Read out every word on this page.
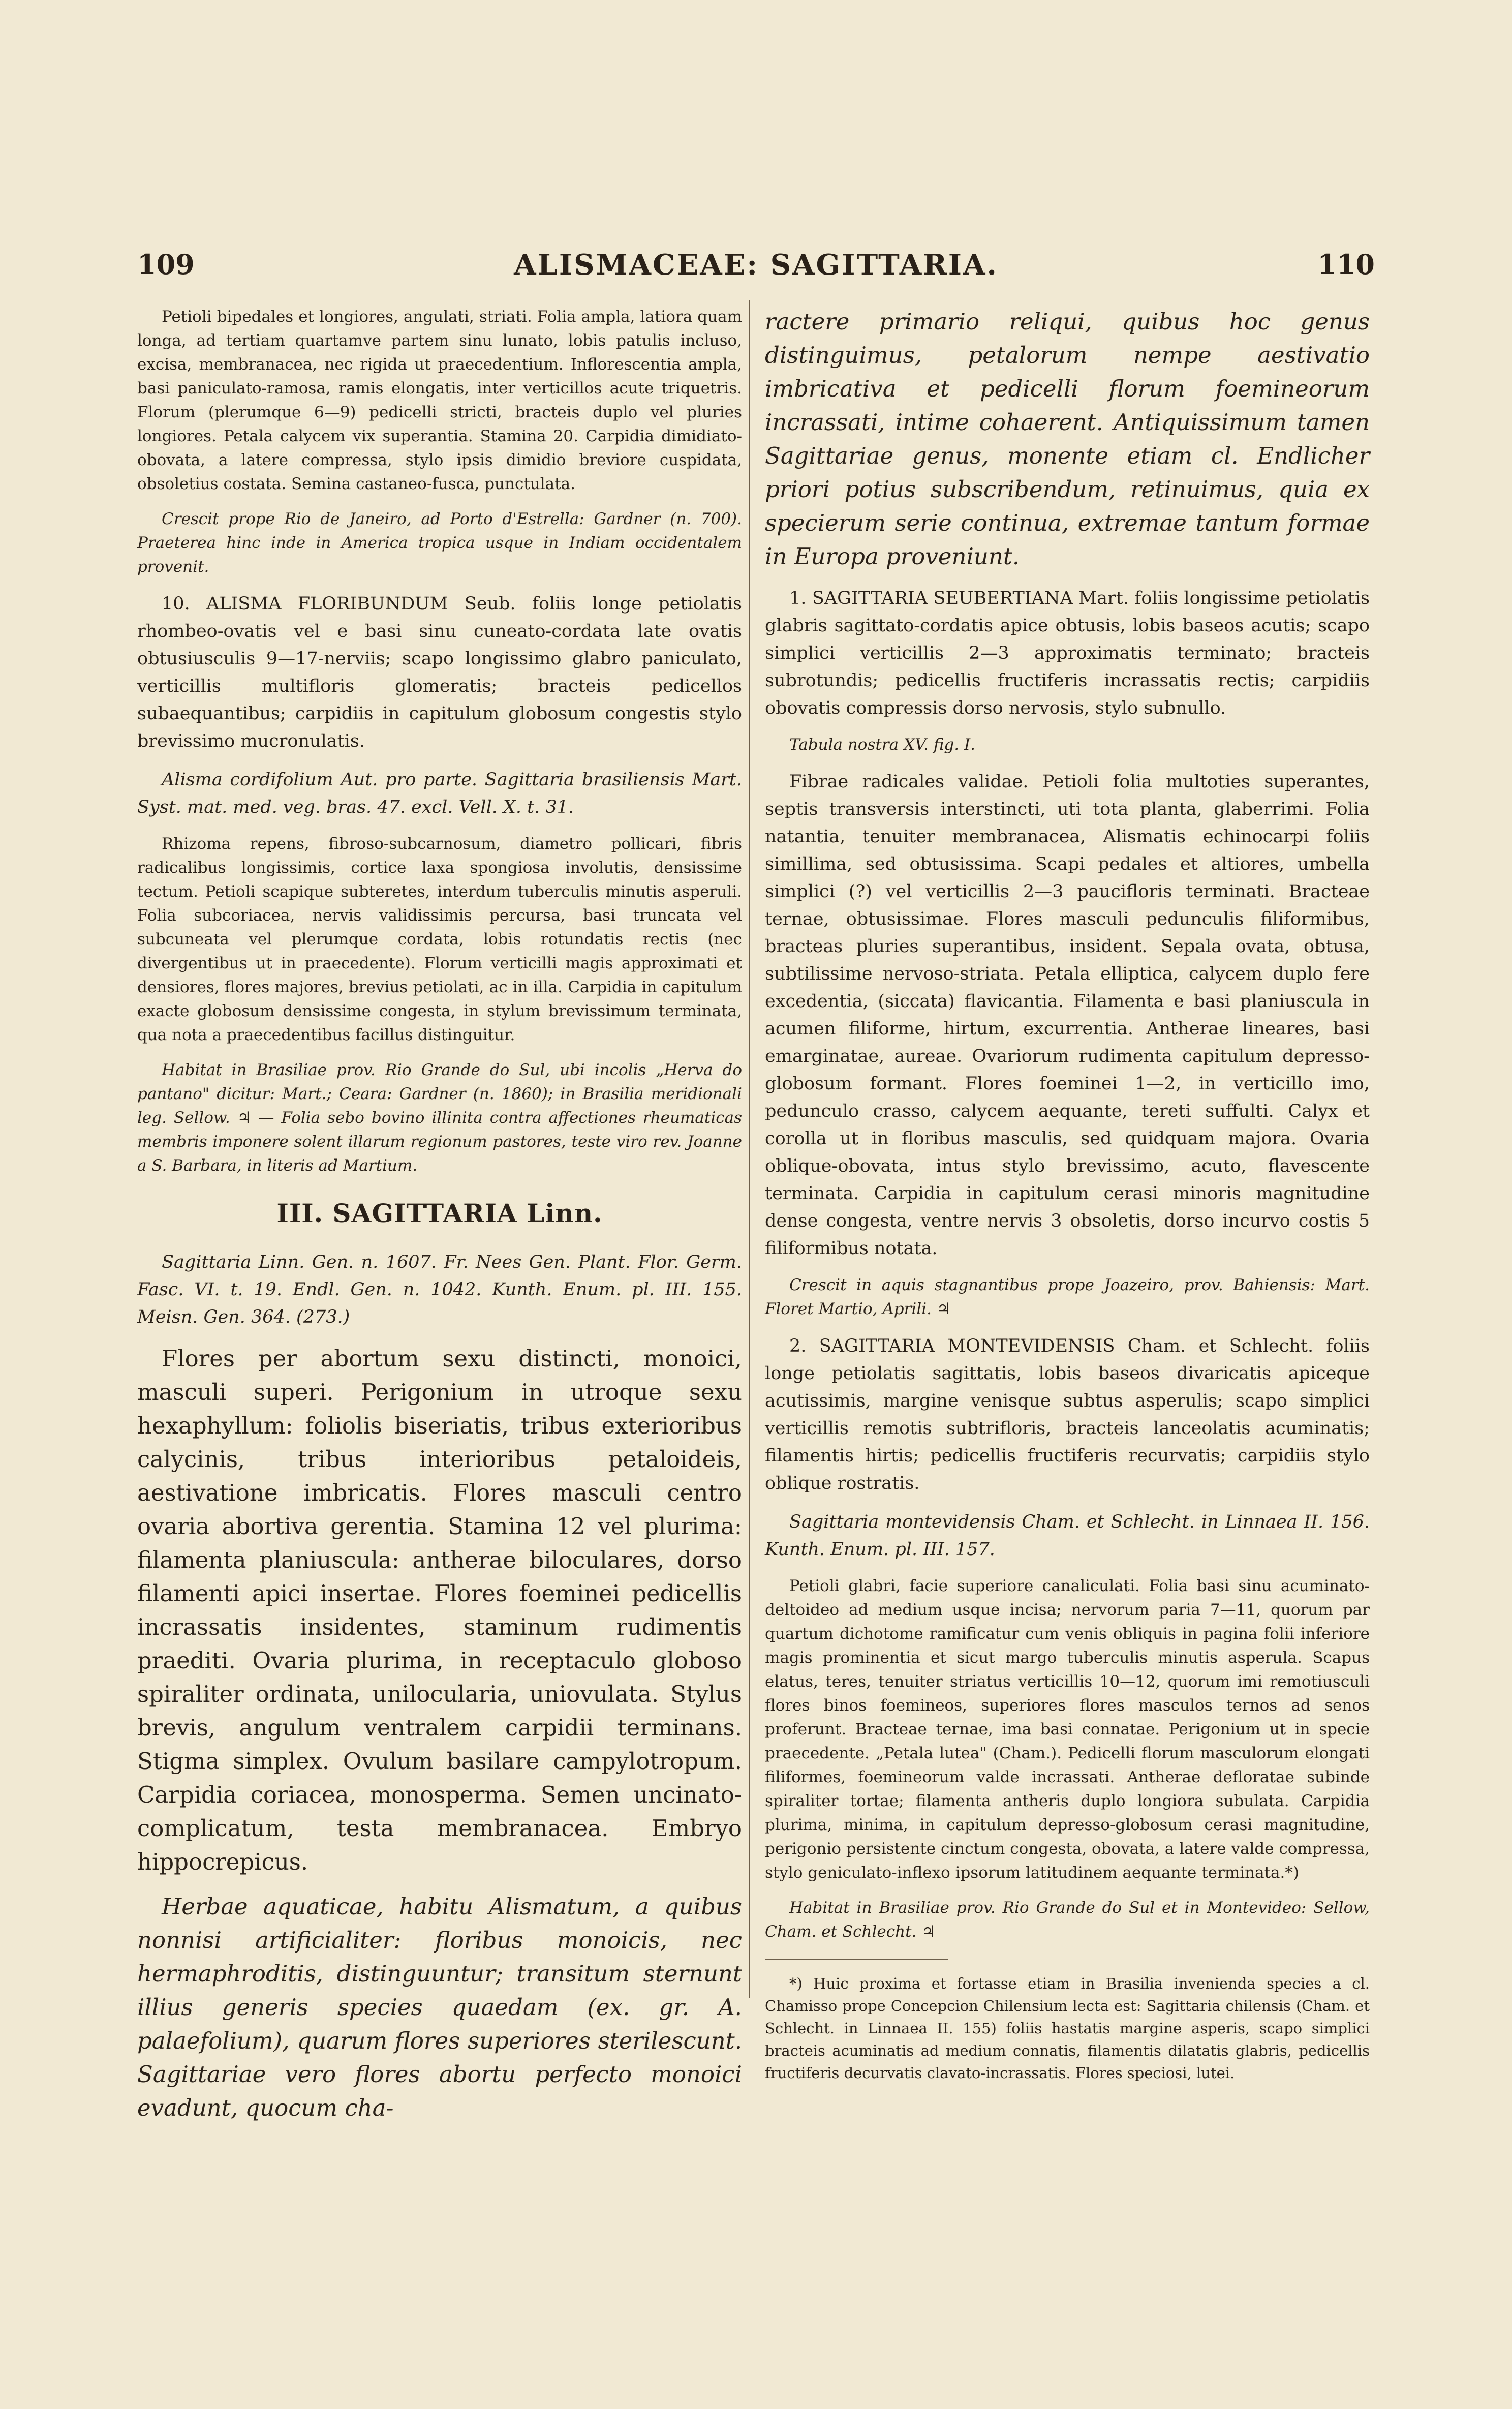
109	ALISMACEAE: SAGITTARIA.	110

Petioli bipedales et longiores, angulati, striati. Folia ampla, latiora quam longa, ad tertiam quartamve partem sinu lunato, lobis patulis incluso, excisa, membranacea, nec rigida ut praecedentium. Inflorescentia ampla, basi paniculato-ramosa, ramis elongatis, inter verticillos acute triquetris. Florum (plerumque 6—9) pedicelli stricti, bracteis duplo vel pluries longiores. Petala calycem vix superantia. Stamina 20. Carpidia dimidiato-obovata, a latere compressa, stylo ipsis dimidio breviore cuspidata, obsoletius costata. Semina castaneo-fusca, punctulata.

Crescit prope Rio de Janeiro, ad Porto d'Estrella: Gardner (n. 700). Praeterea hinc inde in America tropica usque in Indiam occidentalem provenit.

10. ALISMA FLORIBUNDUM Seub. foliis longe petiolatis rhombeo-ovatis vel e basi sinu cuneato-cordata late ovatis obtusiusculis 9—17-nerviis; scapo longissimo glabro paniculato, verticillis multifloris glomeratis; bracteis pedicellos subaequantibus; carpidiis in capitulum globosum congestis stylo brevissimo mucronulatis.

Alisma cordifolium Aut. pro parte. Sagittaria brasiliensis Mart. Syst. mat. med. veg. bras. 47. excl. Vell. X. t. 31.

Rhizoma repens, fibroso-subcarnosum, diametro pollicari, fibris radicalibus longissimis, cortice laxa spongiosa involutis, densissime tectum. Petioli scapique subteretes, interdum tuberculis minutis asperuli. Folia subcoriacea, nervis validissimis percursa, basi truncata vel subcuneata vel plerumque cordata, lobis rotundatis rectis (nec divergentibus ut in praecedente). Florum verticilli magis approximati et densiores, flores majores, brevius petiolati, ac in illa. Carpidia in capitulum exacte globosum densissime congesta, in stylum brevissimum terminata, qua nota a praecedentibus facillus distinguitur.

Habitat in Brasiliae prov. Rio Grande do Sul, ubi incolis „Herva do pantano" dicitur: Mart.; Ceara: Gardner (n. 1860); in Brasilia meridionali leg. Sellow. ♃ — Folia sebo bovino illinita contra affectiones rheumaticas membris imponere solent illarum regionum pastores, teste viro rev. Joanne a S. Barbara, in literis ad Martium.

III. SAGITTARIA Linn.

Sagittaria Linn. Gen. n. 1607. Fr. Nees Gen. Plant. Flor. Germ. Fasc. VI. t. 19. Endl. Gen. n. 1042. Kunth. Enum. pl. III. 155. Meisn. Gen. 364. (273.)

Flores per abortum sexu distincti, monoici, masculi superi. Perigonium in utroque sexu hexaphyllum: foliolis biseriatis, tribus exterioribus calycinis, tribus interioribus petaloideis, aestivatione imbricatis. Flores masculi centro ovaria abortiva gerentia. Stamina 12 vel plurima: filamenta planiuscula: antherae biloculares, dorso filamenti apici insertae. Flores foeminei pedicellis incrassatis insidentes, staminum rudimentis praediti. Ovaria plurima, in receptaculo globoso spiraliter ordinata, unilocularia, uniovulata. Stylus brevis, angulum ventralem carpidii terminans. Stigma simplex. Ovulum basilare campylotropum. Carpidia coriacea, monosperma. Semen uncinato-complicatum, testa membranacea. Embryo hippocrepicus.

Herbae aquaticae, habitu Alismatum, a quibus nonnisi artificialiter: floribus monoicis, nec hermaphroditis, distinguuntur; transitum sternunt illius generis species quaedam (ex. gr. A. palaefolium), quarum flores superiores sterilescunt. Sagittariae vero flores abortu perfecto monoici evadunt, quocum cha-

ractere primario reliqui, quibus hoc genus distinguimus, petalorum nempe aestivatio imbricativa et pedicelli florum foemineorum incrassati, intime cohaerent. Antiquissimum tamen Sagittariae genus, monente etiam cl. Endlicher priori potius subscribendum, retinuimus, quia ex specierum serie continua, extremae tantum formae in Europa proveniunt.

1. SAGITTARIA SEUBERTIANA Mart. foliis longissime petiolatis glabris sagittato-cordatis apice obtusis, lobis baseos acutis; scapo simplici verticillis 2—3 approximatis terminato; bracteis subrotundis; pedicellis fructiferis incrassatis rectis; carpidiis obovatis compressis dorso nervosis, stylo subnullo.

Tabula nostra XV. fig. I.

Fibrae radicales validae. Petioli folia multoties superantes, septis transversis interstincti, uti tota planta, glaberrimi. Folia natantia, tenuiter membranacea, Alismatis echinocarpi foliis simillima, sed obtusissima. Scapi pedales et altiores, umbella simplici (?) vel verticillis 2—3 paucifloris terminati. Bracteae ternae, obtusissimae. Flores masculi pedunculis filiformibus, bracteas pluries superantibus, insident. Sepala ovata, obtusa, subtilissime nervoso-striata. Petala elliptica, calycem duplo fere excedentia, (siccata) flavicantia. Filamenta e basi planiuscula in acumen filiforme, hirtum, excurrentia. Antherae lineares, basi emarginatae, aureae. Ovariorum rudimenta capitulum depresso-globosum formant. Flores foeminei 1—2, in verticillo imo, pedunculo crasso, calycem aequante, tereti suffulti. Calyx et corolla ut in floribus masculis, sed quidquam majora. Ovaria oblique-obovata, intus stylo brevissimo, acuto, flavescente terminata. Carpidia in capitulum cerasi minoris magnitudine dense congesta, ventre nervis 3 obsoletis, dorso incurvo costis 5 filiformibus notata.

Crescit in aquis stagnantibus prope Joazeiro, prov. Bahiensis: Mart. Floret Martio, Aprili. ♃

2. SAGITTARIA MONTEVIDENSIS Cham. et Schlecht. foliis longe petiolatis sagittatis, lobis baseos divaricatis apiceque acutissimis, margine venisque subtus asperulis; scapo simplici verticillis remotis subtrifloris, bracteis lanceolatis acuminatis; filamentis hirtis; pedicellis fructiferis recurvatis; carpidiis stylo oblique rostratis.

Sagittaria montevidensis Cham. et Schlecht. in Linnaea II. 156. Kunth. Enum. pl. III. 157.

Petioli glabri, facie superiore canaliculati. Folia basi sinu acuminato-deltoideo ad medium usque incisa; nervorum paria 7—11, quorum par quartum dichotome ramificatur cum venis obliquis in pagina folii inferiore magis prominentia et sicut margo tuberculis minutis asperula. Scapus elatus, teres, tenuiter striatus verticillis 10—12, quorum imi remotiusculi flores binos foemineos, superiores flores masculos ternos ad senos proferunt. Bracteae ternae, ima basi connatae. Perigonium ut in specie praecedente. „Petala lutea" (Cham.). Pedicelli florum masculorum elongati filiformes, foemineorum valde incrassati. Antherae defloratae subinde spiraliter tortae; filamenta antheris duplo longiora subulata. Carpidia plurima, minima, in capitulum depresso-globosum cerasi magnitudine, perigonio persistente cinctum congesta, obovata, a latere valde compressa, stylo geniculato-inflexo ipsorum latitudinem aequante terminata.*)

Habitat in Brasiliae prov. Rio Grande do Sul et in Montevideo: Sellow, Cham. et Schlecht. ♃

*) Huic proxima et fortasse etiam in Brasilia invenienda species a cl. Chamisso prope Concepcion Chilensium lecta est: Sagittaria chilensis (Cham. et Schlecht. in Linnaea II. 155) foliis hastatis margine asperis, scapo simplici bracteis acuminatis ad medium connatis, filamentis dilatatis glabris, pedicellis fructiferis decurvatis clavato-incrassatis. Flores speciosi, lutei.
